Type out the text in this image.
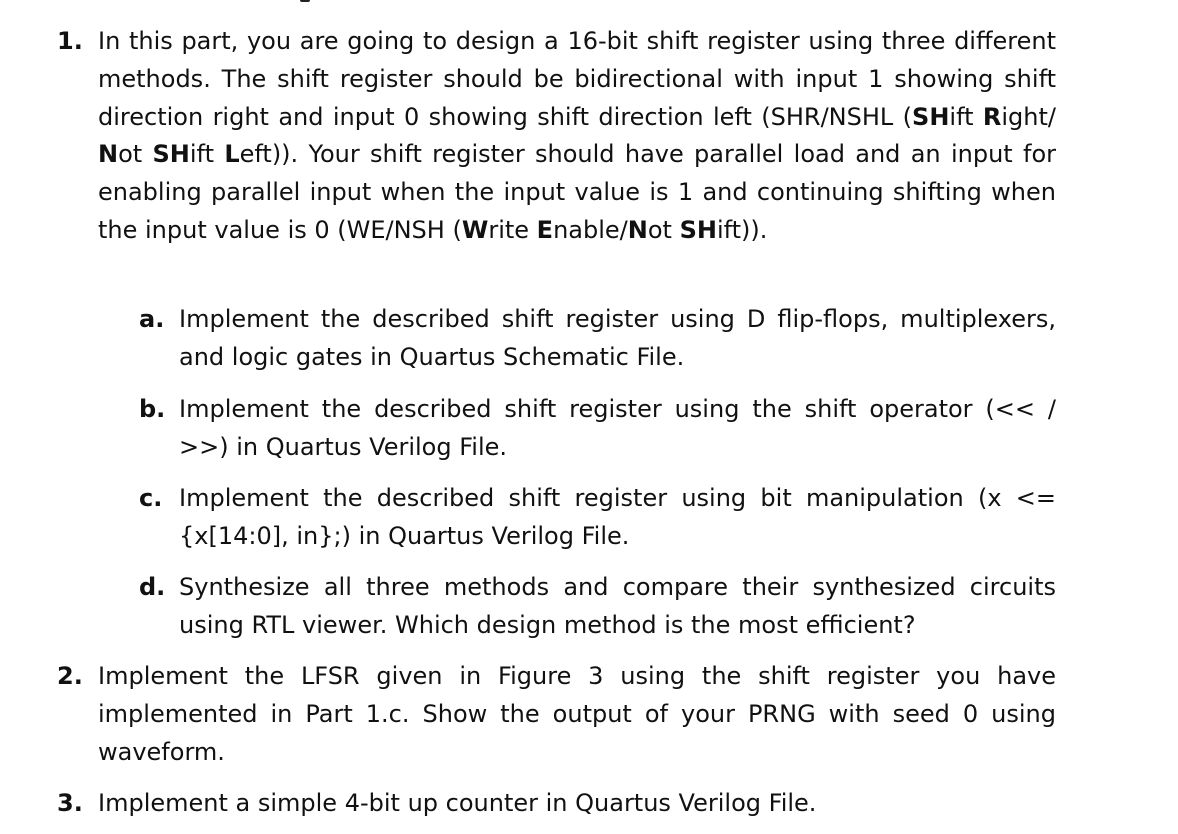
1. In this part, you are going to design a 16-bit shift register using three different methods. The shift register should be bidirectional with input 1 showing shift direction right and input 0 showing shift direction left (SHR/NSHL (SHift Right/ Not SHift Left)). Your shift register should have parallel load and an input for enabling parallel input when the input value is 1 and continuing shifting when the input value is 0 (WE/NSH (Write Enable/Not SHift)).
a. Implement the described shift register using D flip-flops, multiplexers, and logic gates in Quartus Schematic File.
b. Implement the described shift register using the shift operator (<< / >>) in Quartus Verilog File.
c. Implement the described shift register using bit manipulation (x <= {x[14:0], in};) in Quartus Verilog File.
d. Synthesize all three methods and compare their synthesized circuits using RTL viewer. Which design method is the most efficient?
2. Implement the LFSR given in Figure 3 using the shift register you have implemented in Part 1.c. Show the output of your PRNG with seed 0 using waveform.
3. Implement a simple 4-bit up counter in Quartus Verilog File.
